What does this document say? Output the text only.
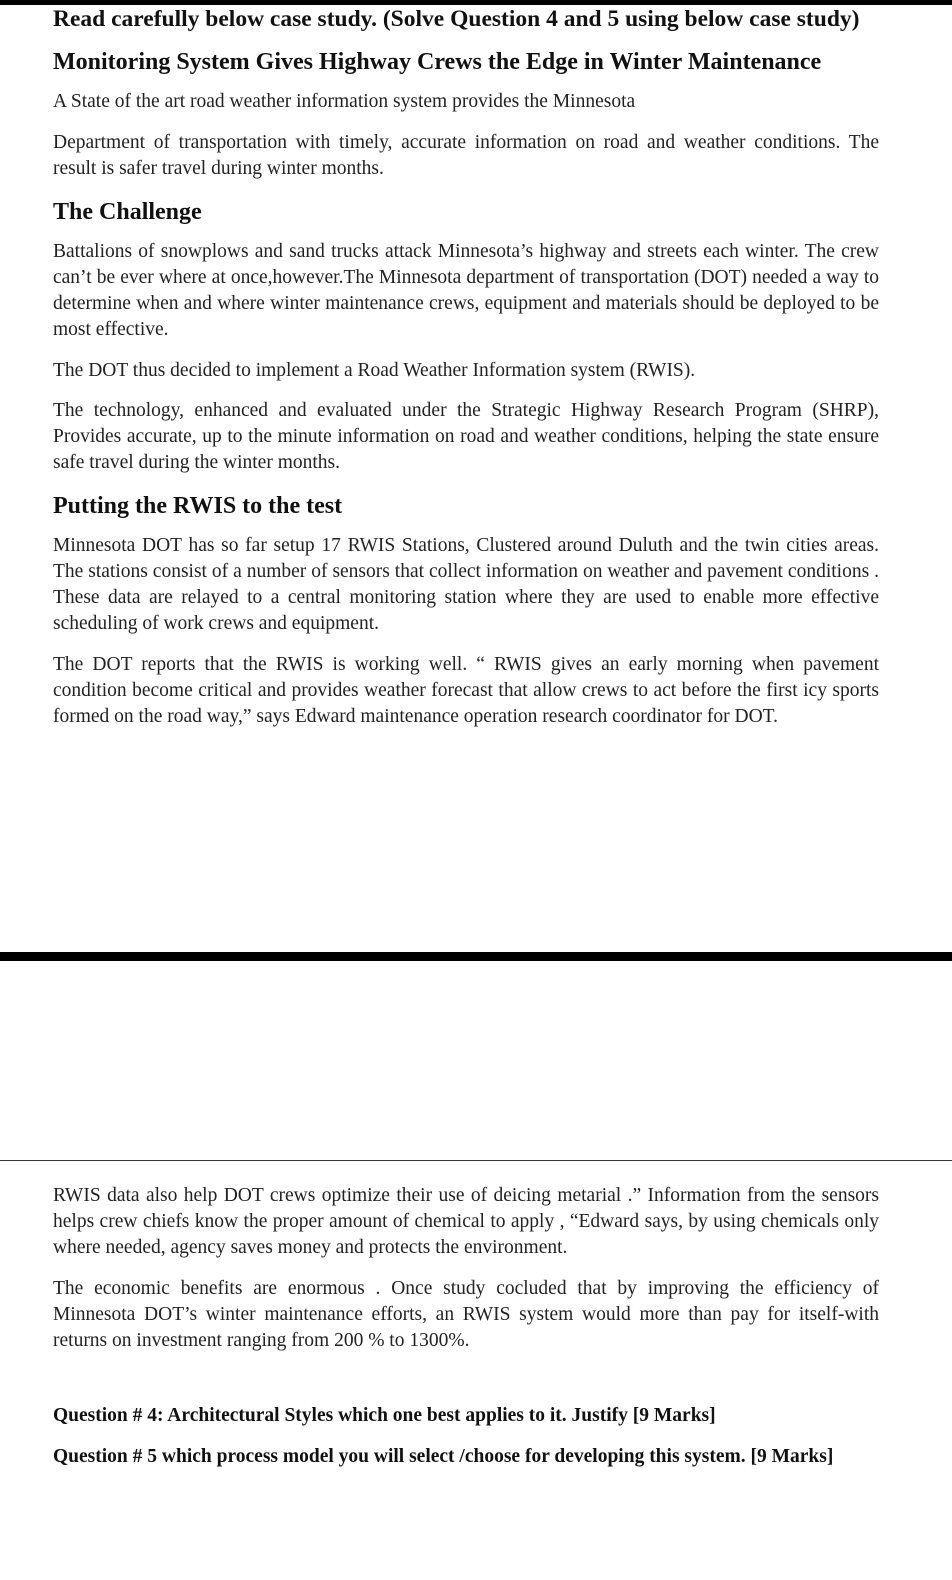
Read carefully below case study. (Solve Question 4 and 5 using below case study)

Monitoring System Gives Highway Crews the Edge in Winter Maintenance

A State of the art road weather information system provides the Minnesota

Department of transportation with timely, accurate information on road and weather conditions. The result is safer travel during winter months.

The Challenge

Battalions of snowplows and sand trucks attack Minnesota’s highway and streets each winter. The crew can’t be ever where at once,however.The Minnesota department of transportation (DOT) needed a way to determine when and where winter maintenance crews, equipment and materials should be deployed to be most effective.

The DOT thus decided to implement a Road Weather Information system (RWIS).

The technology, enhanced and evaluated under the Strategic Highway Research Program (SHRP), Provides accurate, up to the minute information on road and weather conditions, helping the state ensure safe travel during the winter months.

Putting the RWIS to the test

Minnesota DOT has so far setup 17 RWIS Stations, Clustered around Duluth and the twin cities areas. The stations consist of a number of sensors that collect information on weather and pavement conditions . These data are relayed to a central monitoring station where they are used to enable more effective scheduling of work crews and equipment.

The DOT reports that the RWIS is working well. “ RWIS gives an early morning when pavement condition become critical and provides weather forecast that allow crews to act before the first icy sports formed on the road way,” says Edward maintenance operation research coordinator for DOT.

RWIS data also help DOT crews optimize their use of deicing metarial .” Information from the sensors helps crew chiefs know the proper amount of chemical to apply , “Edward says, by using chemicals only where needed, agency saves money and protects the environment.

The economic benefits are enormous . Once study cocluded that by improving the efficiency of Minnesota DOT’s winter maintenance efforts, an RWIS system would more than pay for itself-with returns on investment ranging from 200 % to 1300%.

Question # 4: Architectural Styles which one best applies to it. Justify [9 Marks]

Question # 5 which process model you will select /choose for developing this system. [9 Marks]
